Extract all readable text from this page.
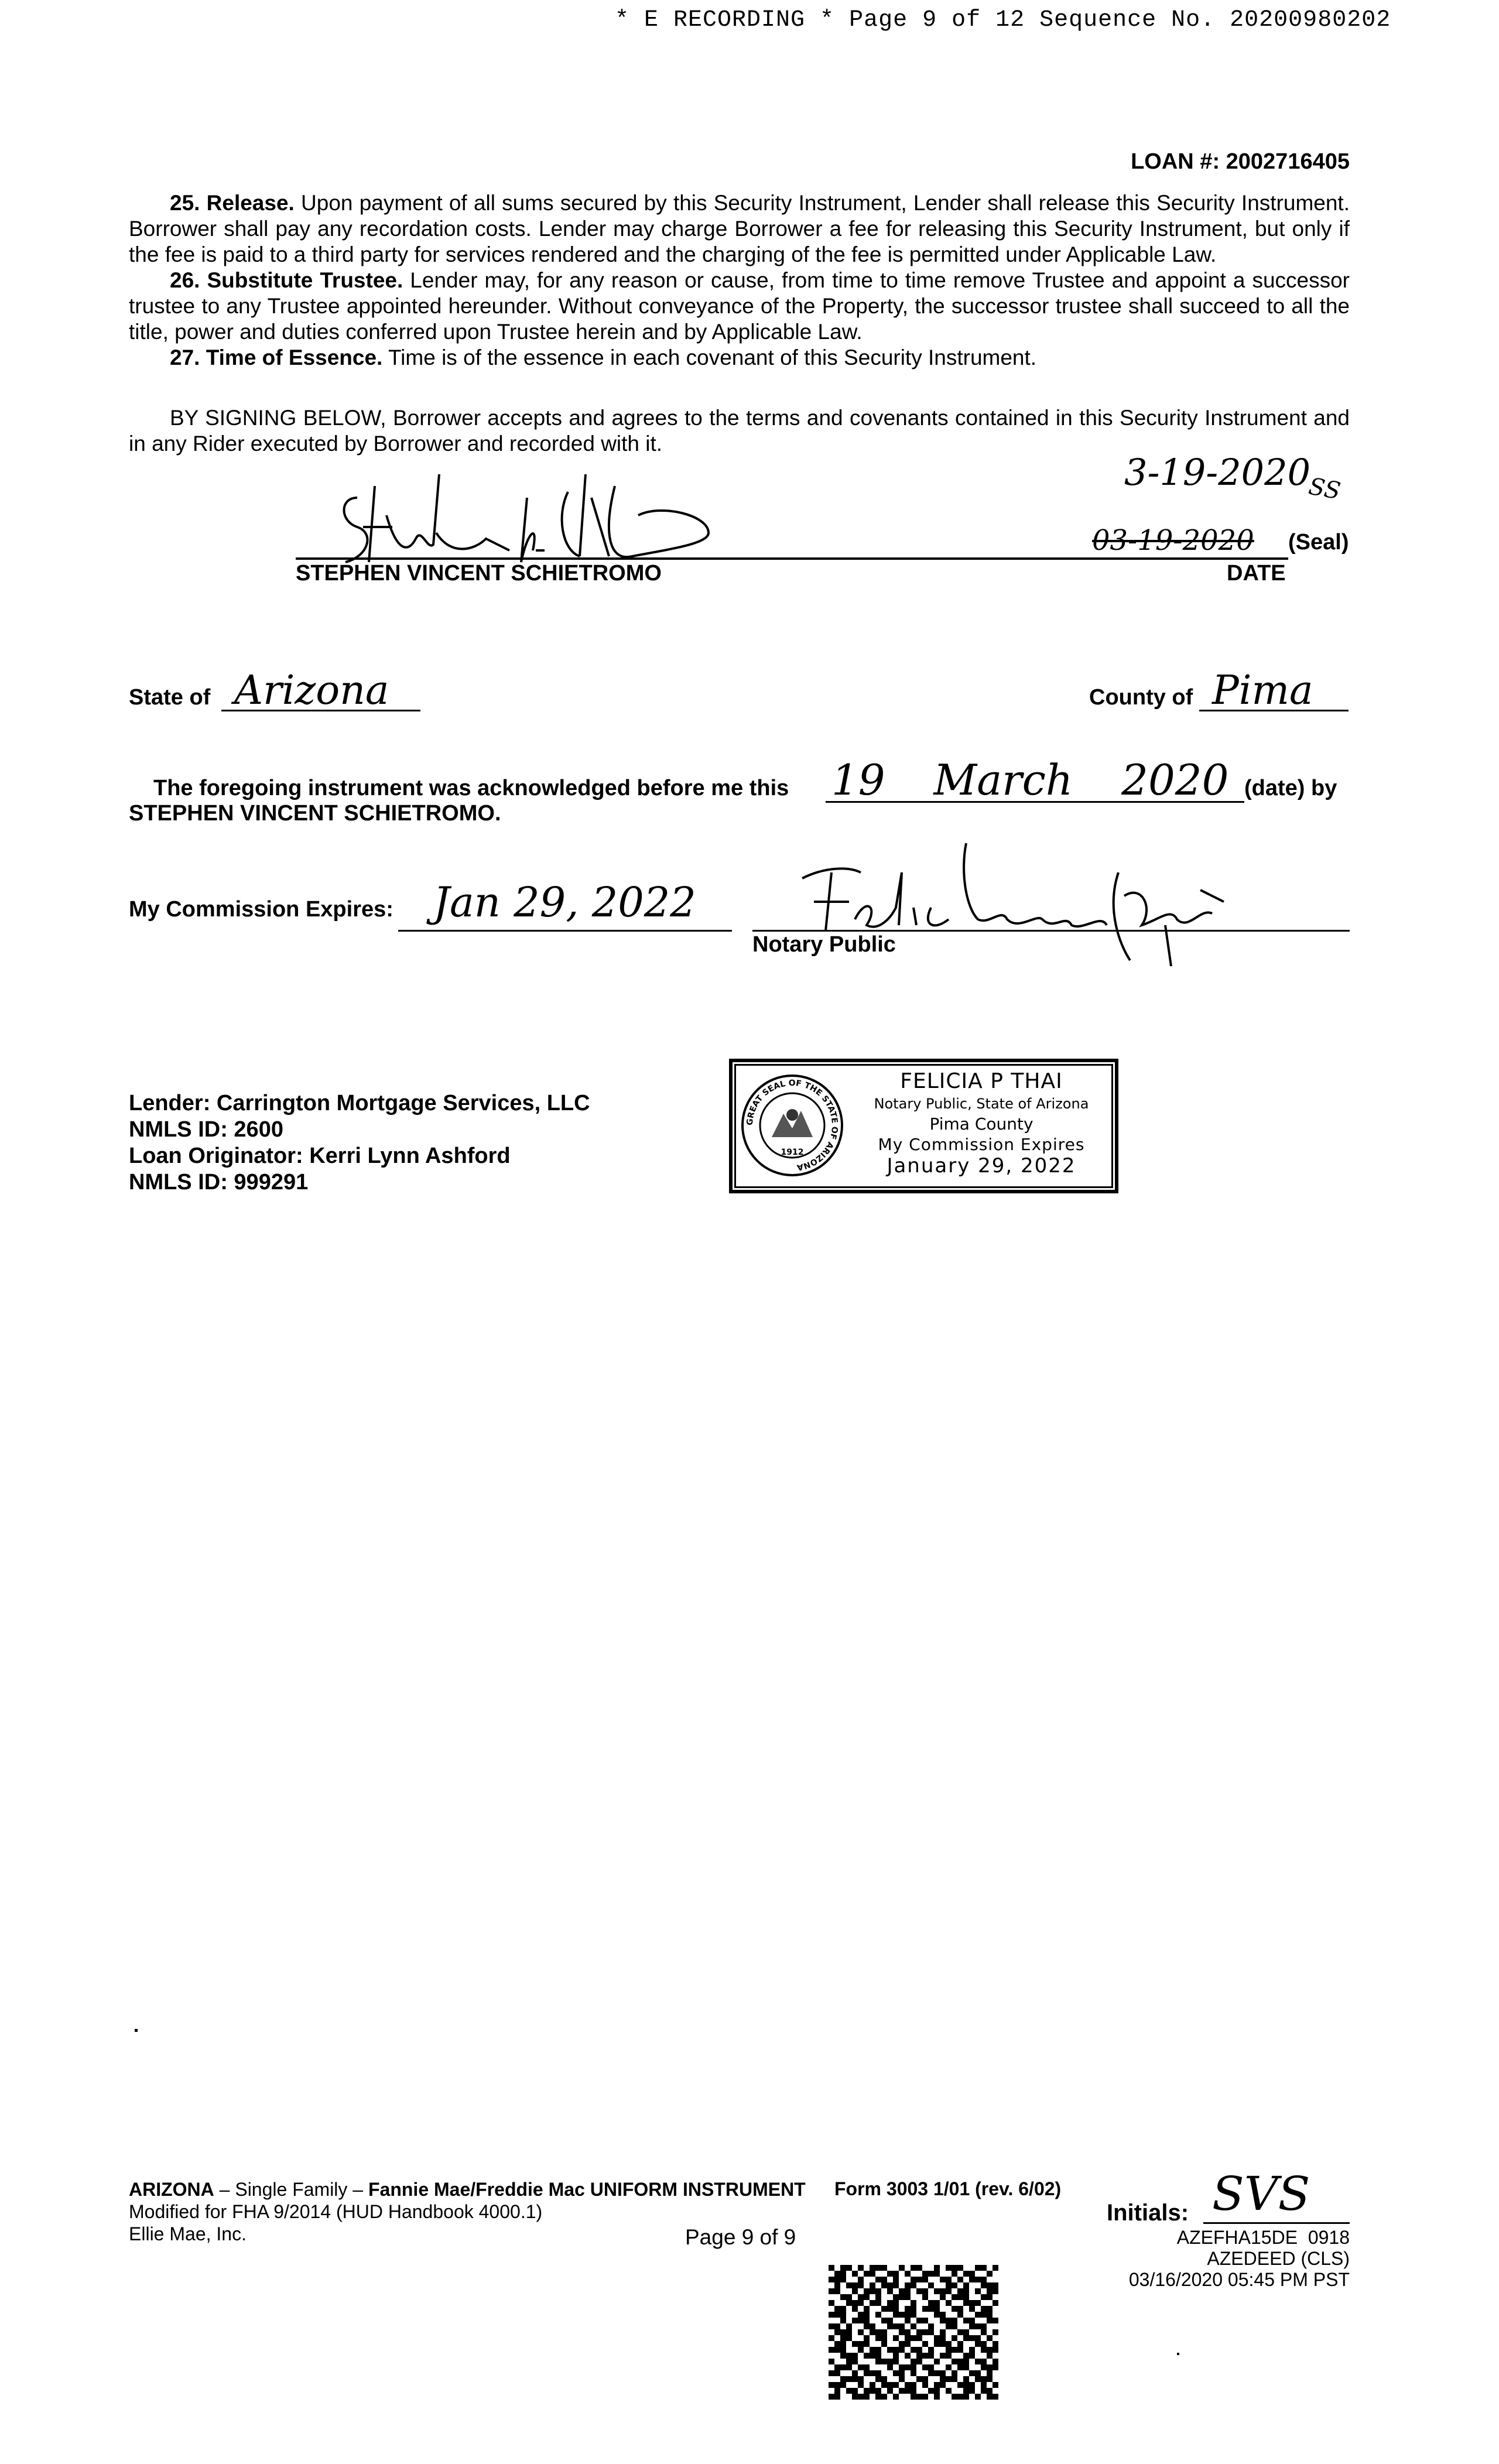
* E RECORDING * Page 9 of 12 Sequence No. 20200980202
LOAN #: 2002716405

25. Release. Upon payment of all sums secured by this Security Instrument, Lender shall release this Security Instrument. Borrower shall pay any recordation costs. Lender may charge Borrower a fee for releasing this Security Instrument, but only if the fee is paid to a third party for services rendered and the charging of the fee is permitted under Applicable Law.

26. Substitute Trustee. Lender may, for any reason or cause, from time to time remove Trustee and appoint a successor trustee to any Trustee appointed hereunder. Without conveyance of the Property, the successor trustee shall succeed to all the title, power and duties conferred upon Trustee herein and by Applicable Law.

27. Time of Essence. Time is of the essence in each covenant of this Security Instrument.

BY SIGNING BELOW, Borrower accepts and agrees to the terms and covenants contained in this Security Instrument and in any Rider executed by Borrower and recorded with it.

3-19-2020
SS
03-19-2020 (Seal)
STEPHEN VINCENT SCHIETROMO	DATE
State of Arizona	County of Pima
The foregoing instrument was acknowledged before me this 19 March 2020 (date) by
STEPHEN VINCENT SCHIETROMO.
My Commission Expires: Jan 29, 2022
Notary Public
Lender: Carrington Mortgage Services, LLC
NMLS ID: 2600
Loan Originator: Kerri Lynn Ashford
NMLS ID: 999291
GREAT SEAL OF THE STATE OF ARIZONA
1912
FELICIA P THAI
Notary Public, State of Arizona
Pima County
My Commission Expires
January 29, 2022
ARIZONA – Single Family – Fannie Mae/Freddie Mac UNIFORM INSTRUMENT
Modified for FHA 9/2014 (HUD Handbook 4000.1)
Ellie Mae, Inc.
Form 3003 1/01 (rev. 6/02)
Page 9 of 9
Initials: SVS
AZEFHA15DE  0918
AZEDEED (CLS)
03/16/2020 05:45 PM PST
